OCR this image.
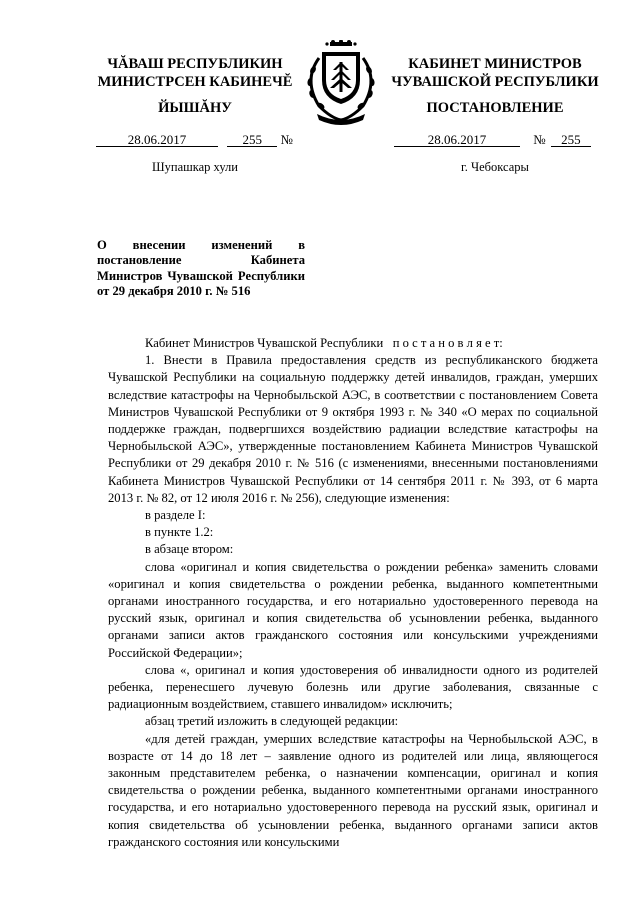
ЧĂВАШ РЕСПУБЛИКИН
МИНИСТРСЕН КАБИНЕЧĔ
ЙЫШĂНУ
28.06.2017	255 №
Шупашкар хули
КАБИНЕТ МИНИСТРОВ
ЧУВАШСКОЙ РЕСПУБЛИКИ
ПОСТАНОВЛЕНИЕ
28.06.2017	№ 255
г. Чебоксары
О внесении изменений в постановление Кабинета Министров Чувашской Республики от 29 декабря 2010 г. № 516

Кабинет Министров Чувашской Республики п о с т а н о в л я е т:

1. Внести в Правила предоставления средств из республиканского бюджета Чувашской Республики на социальную поддержку детей инвалидов, граждан, умерших вследствие катастрофы на Чернобыльской АЭС, в соответствии с постановлением Совета Министров Чувашской Республики от 9 октября 1993 г. № 340 «О мерах по социальной поддержке граждан, подвергшихся воздействию радиации вследствие катастрофы на Чернобыльской АЭС», утвержденные постановлением Кабинета Министров Чувашской Республики от 29 декабря 2010 г. № 516 (с изменениями, внесенными постановлениями Кабинета Министров Чувашской Республики от 14 сентября 2011 г. № 393, от 6 марта 2013 г. № 82, от 12 июля 2016 г. № 256), следующие изменения:

в разделе I:

в пункте 1.2:

в абзаце втором:

слова «оригинал и копия свидетельства о рождении ребенка» заменить словами «оригинал и копия свидетельства о рождении ребенка, выданного компетентными органами иностранного государства, и его нотариально удостоверенного перевода на русский язык, оригинал и копия свидетельства об усыновлении ребенка, выданного органами записи актов гражданского состояния или консульскими учреждениями Российской Федерации»;

слова «, оригинал и копия удостоверения об инвалидности одного из родителей ребенка, перенесшего лучевую болезнь или другие заболевания, связанные с радиационным воздействием, ставшего инвалидом» исключить;

абзац третий изложить в следующей редакции:

«для детей граждан, умерших вследствие катастрофы на Чернобыльской АЭС, в возрасте от 14 до 18 лет – заявление одного из родителей или лица, являющегося законным представителем ребенка, о назначении компенсации, оригинал и копия свидетельства о рождении ребенка, выданного компетентными органами иностранного государства, и его нотариально удостоверенного перевода на русский язык, оригинал и копия свидетельства об усыновлении ребенка, выданного органами записи актов гражданского состояния или консульскими
